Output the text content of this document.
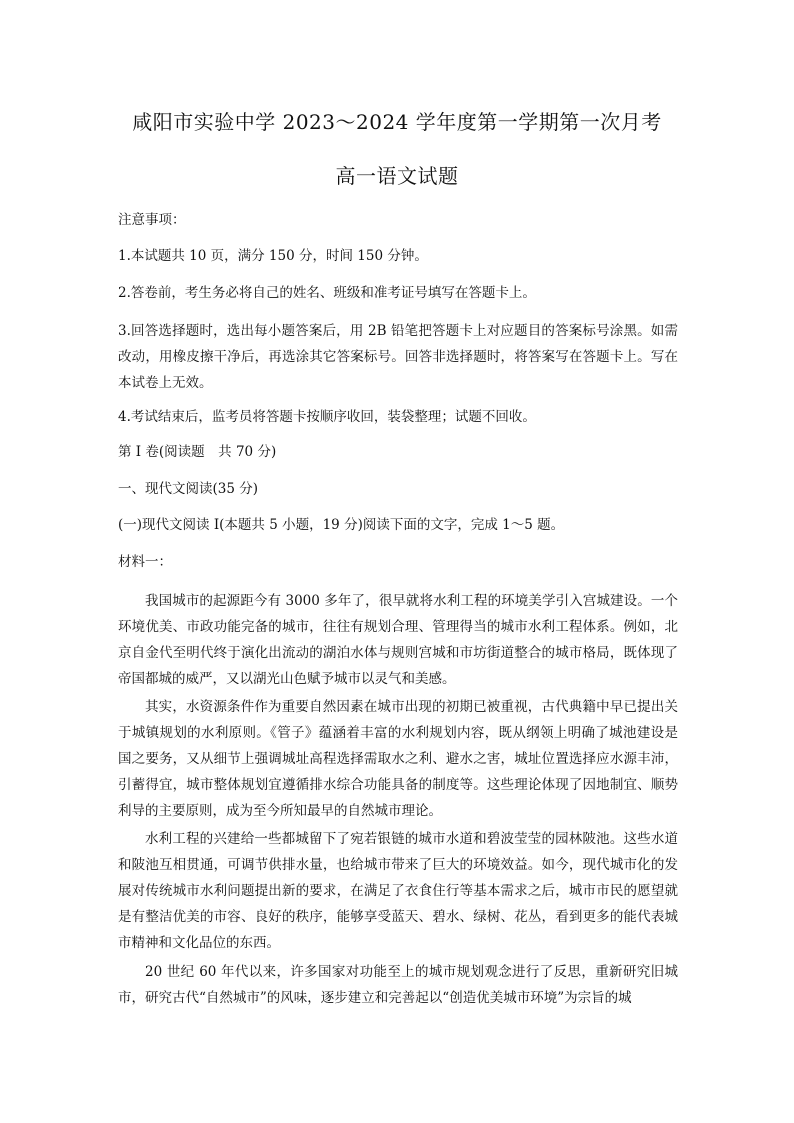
咸阳市实验中学 2023～2024 学年度第一学期第一次月考
高一语文试题
注意事项：
1.本试题共 10 页，满分 150 分，时间 150 分钟。
2.答卷前，考生务必将自己的姓名、班级和准考证号填写在答题卡上。
3.回答选择题时，选出每小题答案后，用 2B 铅笔把答题卡上对应题目的答案标号涂黑。如需改动，用橡皮擦干净后，再选涂其它答案标号。回答非选择题时，将答案写在答题卡上。写在本试卷上无效。
4.考试结束后，监考员将答题卡按顺序收回，装袋整理；试题不回收。
第 I 卷(阅读题　共 70 分)
一、现代文阅读(35 分)
(一)现代文阅读 I(本题共 5 小题，19 分)阅读下面的文字，完成 1～5 题。
材料一：
我国城市的起源距今有 3000 多年了，很早就将水利工程的环境美学引入宫城建设。一个环境优美、市政功能完备的城市，往往有规划合理、管理得当的城市水利工程体系。例如，北京自金代至明代终于演化出流动的湖泊水体与规则宫城和市坊街道整合的城市格局，既体现了帝国都城的威严，又以湖光山色赋予城市以灵气和美感。
其实，水资源条件作为重要自然因素在城市出现的初期已被重视，古代典籍中早已提出关于城镇规划的水利原则。《管子》蕴涵着丰富的水利规划内容，既从纲领上明确了城池建设是国之要务，又从细节上强调城址高程选择需取水之利、避水之害，城址位置选择应水源丰沛，引蓄得宜，城市整体规划宜遵循排水综合功能具备的制度等。这些理论体现了因地制宜、顺势利导的主要原则，成为至今所知最早的自然城市理论。
水利工程的兴建给一些都城留下了宛若银链的城市水道和碧波莹莹的园林陂池。这些水道和陂池互相贯通，可调节供排水量，也给城市带来了巨大的环境效益。如今，现代城市化的发展对传统城市水利问题提出新的要求，在满足了衣食住行等基本需求之后，城市市民的愿望就是有整洁优美的市容、良好的秩序，能够享受蓝天、碧水、绿树、花丛，看到更多的能代表城市精神和文化品位的东西。
20 世纪 60 年代以来，许多国家对功能至上的城市规划观念进行了反思，重新研究旧城市，研究古代“自然城市”的风味，逐步建立和完善起以“创造优美城市环境”为宗旨的城
